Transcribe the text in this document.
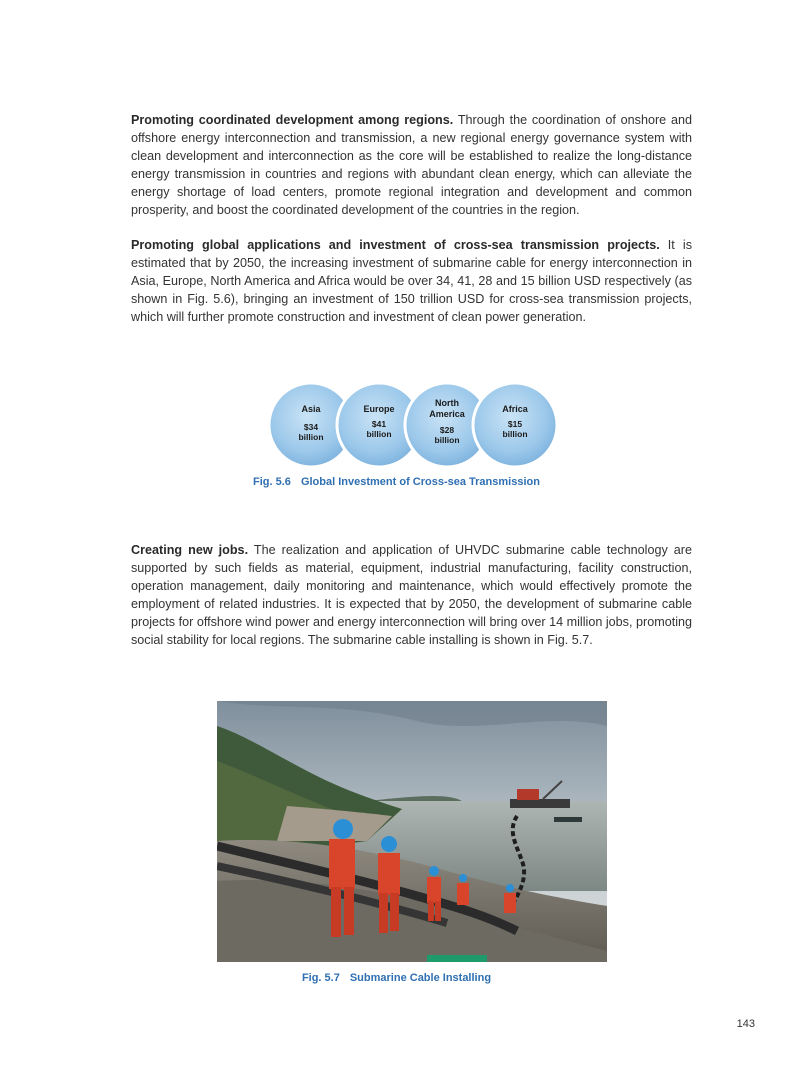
Promoting coordinated development among regions. Through the coordination of onshore and offshore energy interconnection and transmission, a new regional energy governance system with clean development and interconnection as the core will be established to realize the long-distance energy transmission in countries and regions with abundant clean energy, which can alleviate the energy shortage of load centers, promote regional integration and development and common prosperity, and boost the coordinated development of the countries in the region.

Promoting global applications and investment of cross-sea transmission projects. It is estimated that by 2050, the increasing investment of submarine cable for energy interconnection in Asia, Europe, North America and Africa would be over 34, 41, 28 and 15 billion USD respectively (as shown in Fig. 5.6), bringing an investment of 150 trillion USD for cross-sea transmission projects, which will further promote construction and investment of clean power generation.

Asia
$34
billion
Europe
$41
billion
North
America
$28
billion
Africa
$15
billion
Fig. 5.6 Global Investment of Cross-sea Transmission

Creating new jobs. The realization and application of UHVDC submarine cable technology are supported by such fields as material, equipment, industrial manufacturing, facility construction, operation management, daily monitoring and maintenance, which would effectively promote the employment of related industries. It is expected that by 2050, the development of submarine cable projects for offshore wind power and energy interconnection will bring over 14 million jobs, promoting social stability for local regions. The submarine cable installing is shown in Fig. 5.7.

Fig. 5.7 Submarine Cable Installing
143
